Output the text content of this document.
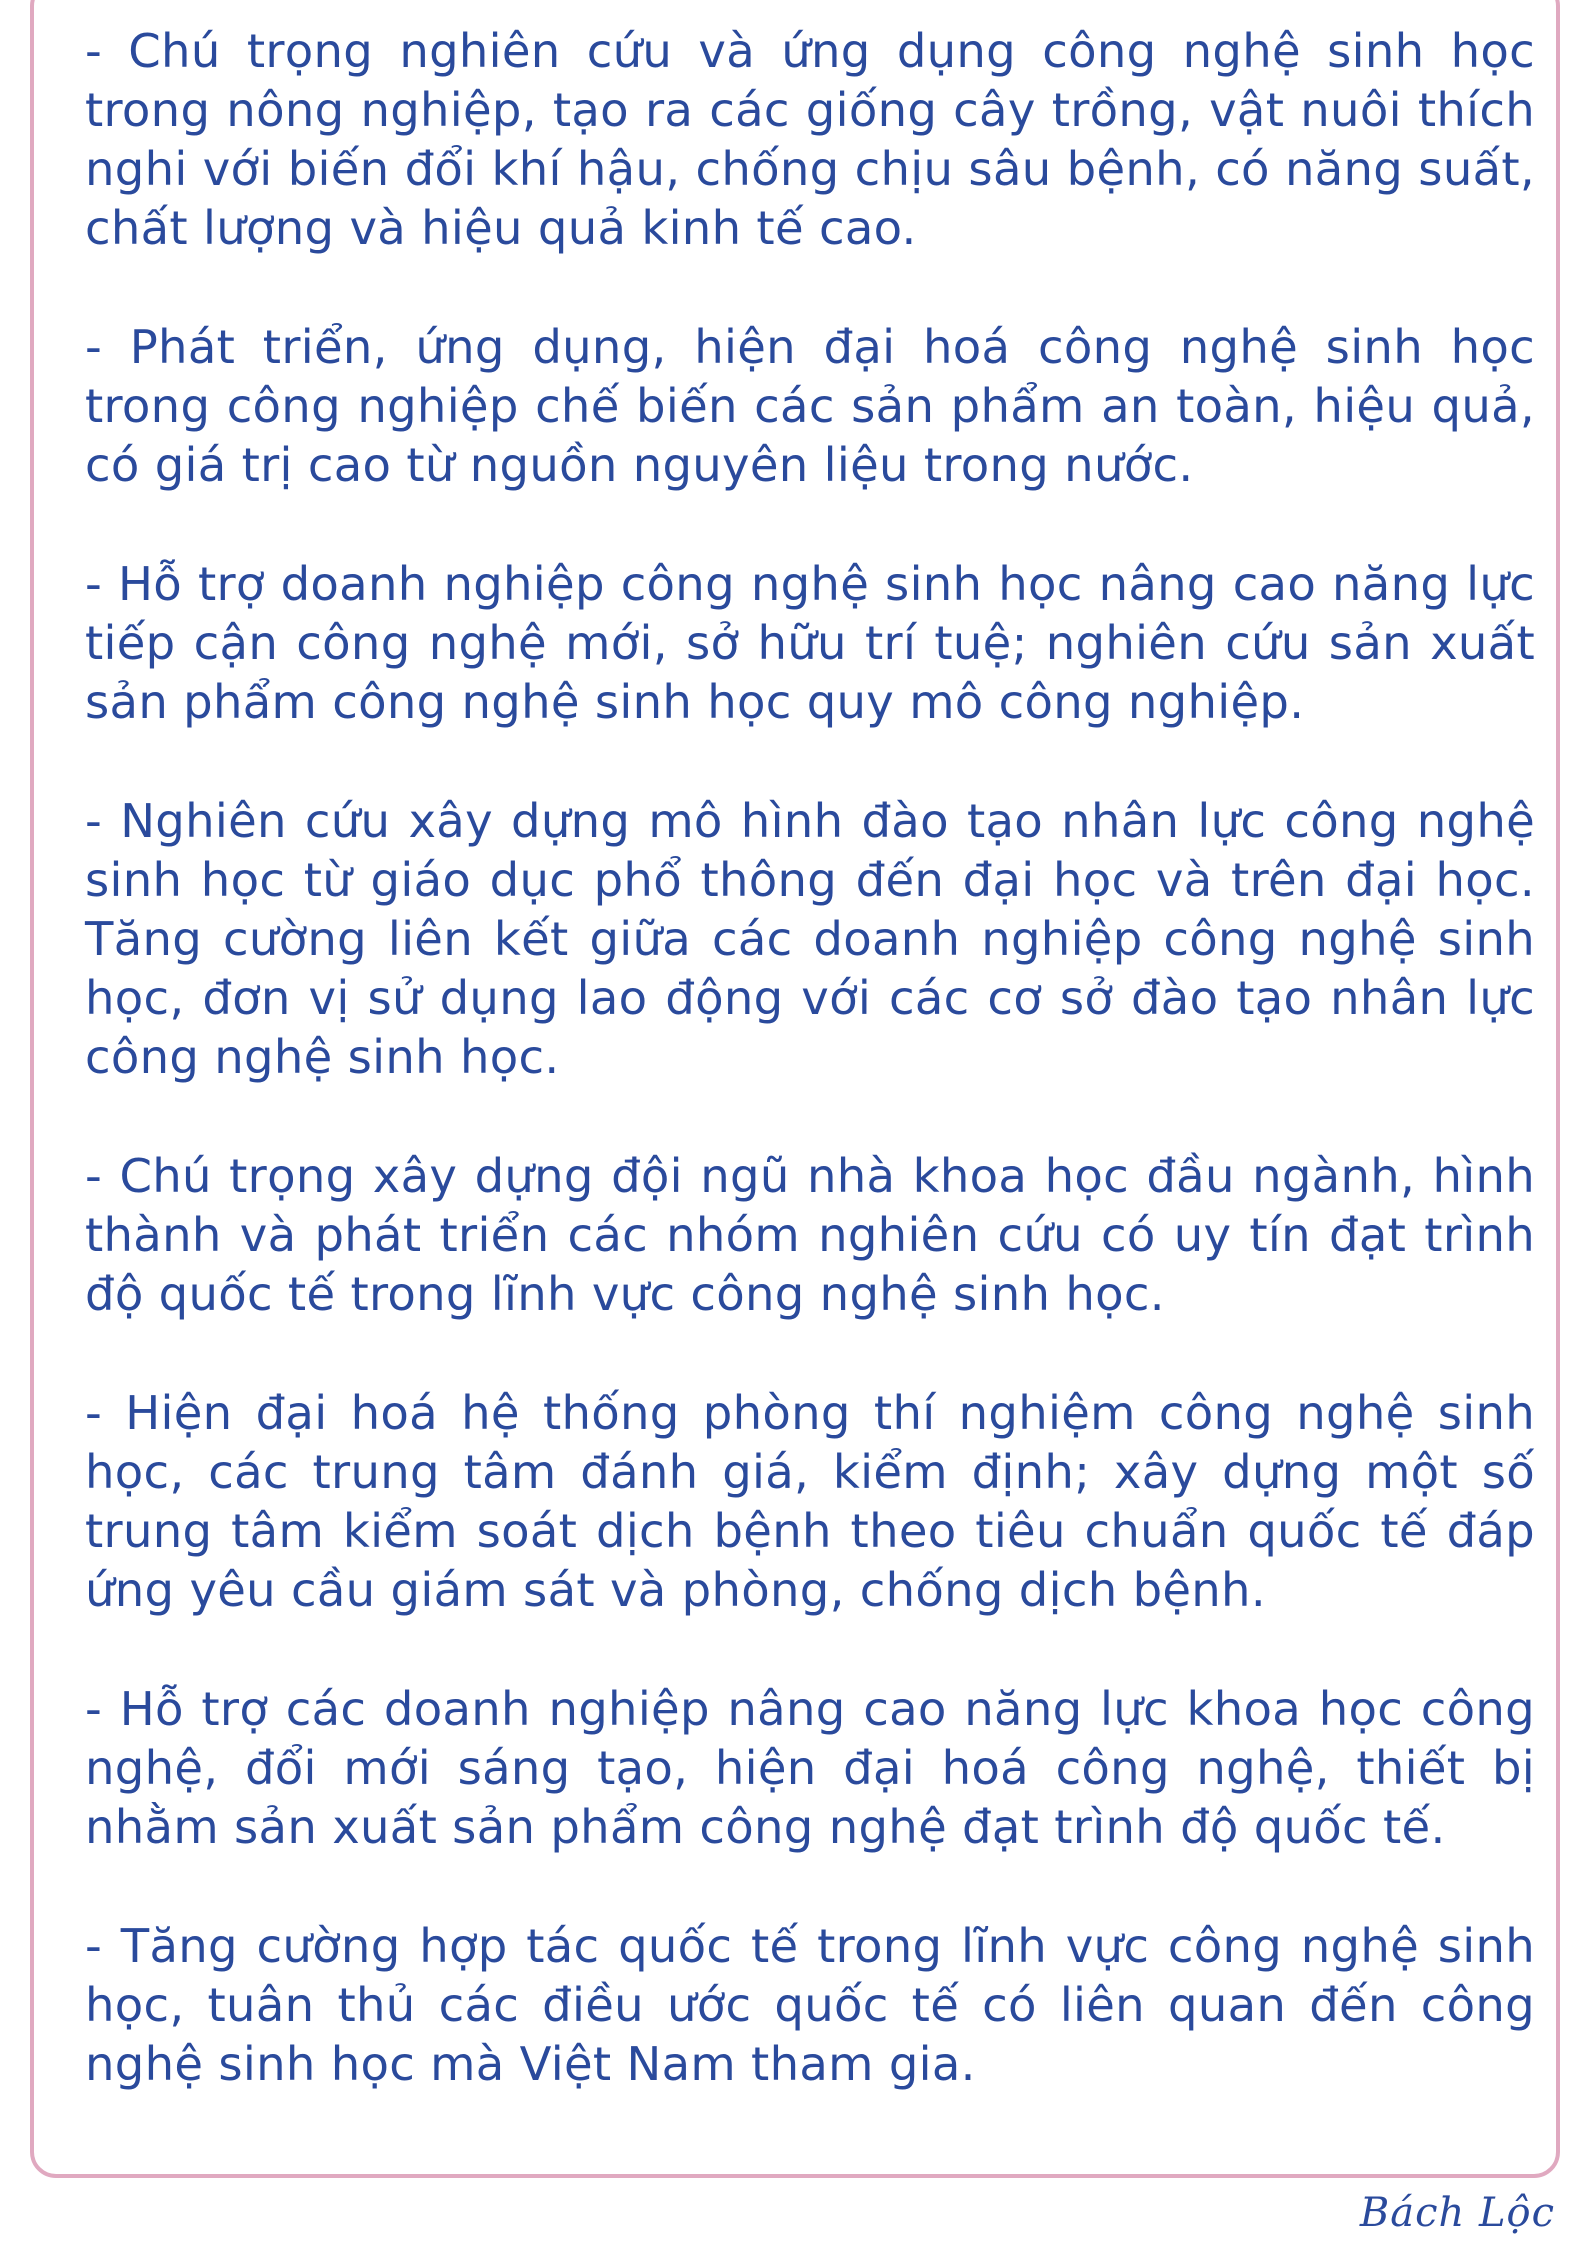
- Chú trọng nghiên cứu và ứng dụng công nghệ sinh học trong nông nghiệp, tạo ra các giống cây trồng, vật nuôi thích nghi với biến đổi khí hậu, chống chịu sâu bệnh, có năng suất, chất lượng và hiệu quả kinh tế cao.

- Phát triển, ứng dụng, hiện đại hoá công nghệ sinh học trong công nghiệp chế biến các sản phẩm an toàn, hiệu quả, có giá trị cao từ nguồn nguyên liệu trong nước.

- Hỗ trợ doanh nghiệp công nghệ sinh học nâng cao năng lực tiếp cận công nghệ mới, sở hữu trí tuệ; nghiên cứu sản xuất sản phẩm công nghệ sinh học quy mô công nghiệp.

- Nghiên cứu xây dựng mô hình đào tạo nhân lực công nghệ sinh học từ giáo dục phổ thông đến đại học và trên đại học. Tăng cường liên kết giữa các doanh nghiệp công nghệ sinh học, đơn vị sử dụng lao động với các cơ sở đào tạo nhân lực công nghệ sinh học.

- Chú trọng xây dựng đội ngũ nhà khoa học đầu ngành, hình thành và phát triển các nhóm nghiên cứu có uy tín đạt trình độ quốc tế trong lĩnh vực công nghệ sinh học.

- Hiện đại hoá hệ thống phòng thí nghiệm công nghệ sinh học, các trung tâm đánh giá, kiểm định; xây dựng một số trung tâm kiểm soát dịch bệnh theo tiêu chuẩn quốc tế đáp ứng yêu cầu giám sát và phòng, chống dịch bệnh.

- Hỗ trợ các doanh nghiệp nâng cao năng lực khoa học công nghệ, đổi mới sáng tạo, hiện đại hoá công nghệ, thiết bị nhằm sản xuất sản phẩm công nghệ đạt trình độ quốc tế.

- Tăng cường hợp tác quốc tế trong lĩnh vực công nghệ sinh học, tuân thủ các điều ước quốc tế có liên quan đến công nghệ sinh học mà Việt Nam tham gia.

Bách Lộc
